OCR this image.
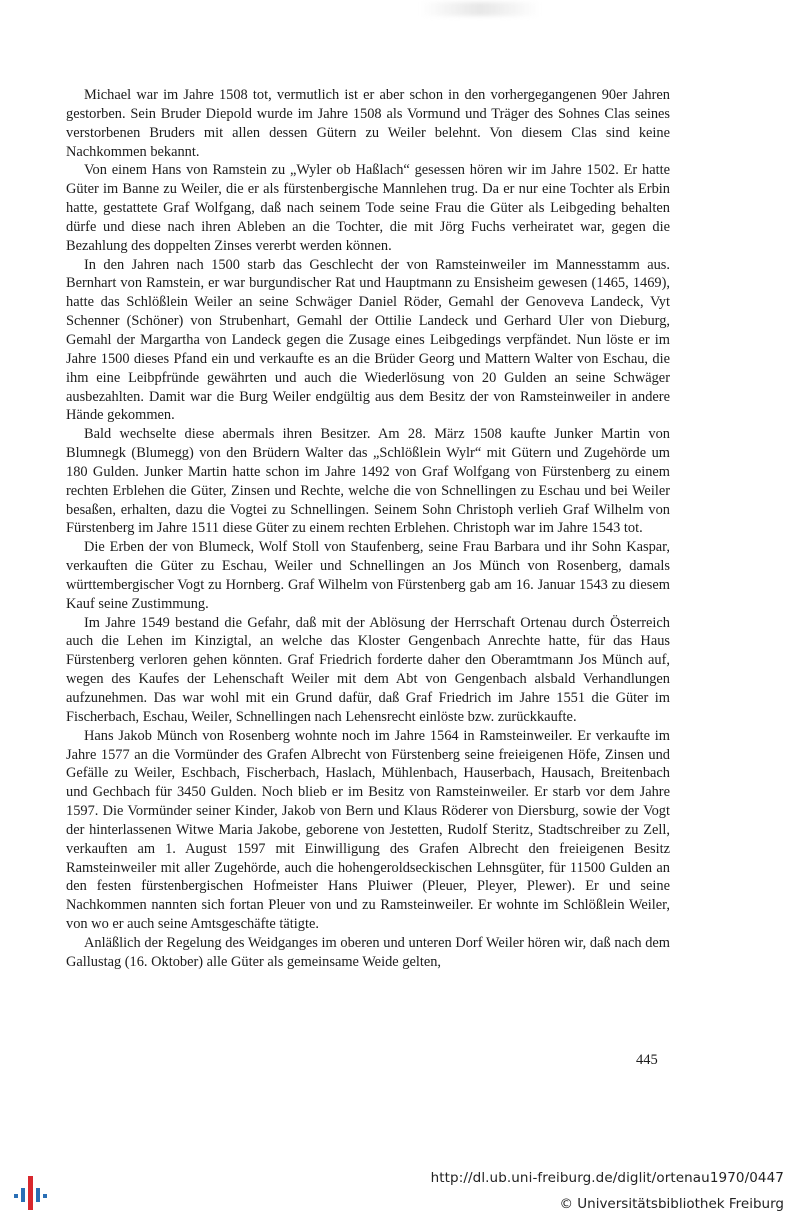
Michael war im Jahre 1508 tot, vermutlich ist er aber schon in den vorhergegangenen 90er Jahren gestorben. Sein Bruder Diepold wurde im Jahre 1508 als Vormund und Träger des Sohnes Clas seines verstorbenen Bruders mit allen dessen Gütern zu Weiler belehnt. Von diesem Clas sind keine Nachkommen bekannt.

Von einem Hans von Ramstein zu „Wyler ob Haßlach“ gesessen hören wir im Jahre 1502. Er hatte Güter im Banne zu Weiler, die er als fürstenbergische Mannlehen trug. Da er nur eine Tochter als Erbin hatte, gestattete Graf Wolfgang, daß nach seinem Tode seine Frau die Güter als Leibgeding behalten dürfe und diese nach ihren Ableben an die Tochter, die mit Jörg Fuchs verheiratet war, gegen die Bezahlung des doppelten Zinses vererbt werden können.

In den Jahren nach 1500 starb das Geschlecht der von Ramsteinweiler im Mannesstamm aus. Bernhart von Ramstein, er war burgundischer Rat und Hauptmann zu Ensisheim gewesen (1465, 1469), hatte das Schlößlein Weiler an seine Schwäger Daniel Röder, Gemahl der Genoveva Landeck, Vyt Schenner (Schöner) von Strubenhart, Gemahl der Ottilie Landeck und Gerhard Uler von Dieburg, Gemahl der Margartha von Landeck gegen die Zusage eines Leibgedings verpfändet. Nun löste er im Jahre 1500 dieses Pfand ein und verkaufte es an die Brüder Georg und Mattern Walter von Eschau, die ihm eine Leibpfründe gewährten und auch die Wiederlösung von 20 Gulden an seine Schwäger ausbezahlten. Damit war die Burg Weiler endgültig aus dem Besitz der von Ramsteinweiler in andere Hände gekommen.

Bald wechselte diese abermals ihren Besitzer. Am 28. März 1508 kaufte Junker Martin von Blumnegk (Blumegg) von den Brüdern Walter das „Schlößlein Wylr“ mit Gütern und Zugehörde um 180 Gulden. Junker Martin hatte schon im Jahre 1492 von Graf Wolfgang von Fürstenberg zu einem rechten Erblehen die Güter, Zinsen und Rechte, welche die von Schnellingen zu Eschau und bei Weiler besaßen, erhalten, dazu die Vogtei zu Schnellingen. Seinem Sohn Christoph verlieh Graf Wilhelm von Fürstenberg im Jahre 1511 diese Güter zu einem rechten Erblehen. Christoph war im Jahre 1543 tot.

Die Erben der von Blumeck, Wolf Stoll von Staufenberg, seine Frau Barbara und ihr Sohn Kaspar, verkauften die Güter zu Eschau, Weiler und Schnellingen an Jos Münch von Rosenberg, damals württembergischer Vogt zu Hornberg. Graf Wilhelm von Fürstenberg gab am 16. Januar 1543 zu diesem Kauf seine Zustimmung.

Im Jahre 1549 bestand die Gefahr, daß mit der Ablösung der Herrschaft Ortenau durch Österreich auch die Lehen im Kinzigtal, an welche das Kloster Gengenbach Anrechte hatte, für das Haus Fürstenberg verloren gehen könnten. Graf Friedrich forderte daher den Oberamtmann Jos Münch auf, wegen des Kaufes der Lehenschaft Weiler mit dem Abt von Gengenbach alsbald Verhandlungen aufzunehmen. Das war wohl mit ein Grund dafür, daß Graf Friedrich im Jahre 1551 die Güter im Fischerbach, Eschau, Weiler, Schnellingen nach Lehensrecht einlöste bzw. zurückkaufte.

Hans Jakob Münch von Rosenberg wohnte noch im Jahre 1564 in Ramsteinweiler. Er verkaufte im Jahre 1577 an die Vormünder des Grafen Albrecht von Fürstenberg seine freieigenen Höfe, Zinsen und Gefälle zu Weiler, Eschbach, Fischerbach, Haslach, Mühlenbach, Hauserbach, Hausach, Breitenbach und Gechbach für 3450 Gulden. Noch blieb er im Besitz von Ramsteinweiler. Er starb vor dem Jahre 1597. Die Vormünder seiner Kinder, Jakob von Bern und Klaus Röderer von Diersburg, sowie der Vogt der hinterlassenen Witwe Maria Jakobe, geborene von Jestetten, Rudolf Steritz, Stadtschreiber zu Zell, verkauften am 1. August 1597 mit Einwilligung des Grafen Albrecht den freieigenen Besitz Ramsteinweiler mit aller Zugehörde, auch die hohengeroldseckischen Lehnsgüter, für 11500 Gulden an den festen fürstenbergischen Hofmeister Hans Pluiwer (Pleuer, Pleyer, Plewer). Er und seine Nachkommen nannten sich fortan Pleuer von und zu Ramsteinweiler. Er wohnte im Schlößlein Weiler, von wo er auch seine Amtsgeschäfte tätigte.

Anläßlich der Regelung des Weidganges im oberen und unteren Dorf Weiler hören wir, daß nach dem Gallustag (16. Oktober) alle Güter als gemeinsame Weide gelten,

445
http://dl.ub.uni-freiburg.de/diglit/ortenau1970/0447
© Universitätsbibliothek Freiburg
